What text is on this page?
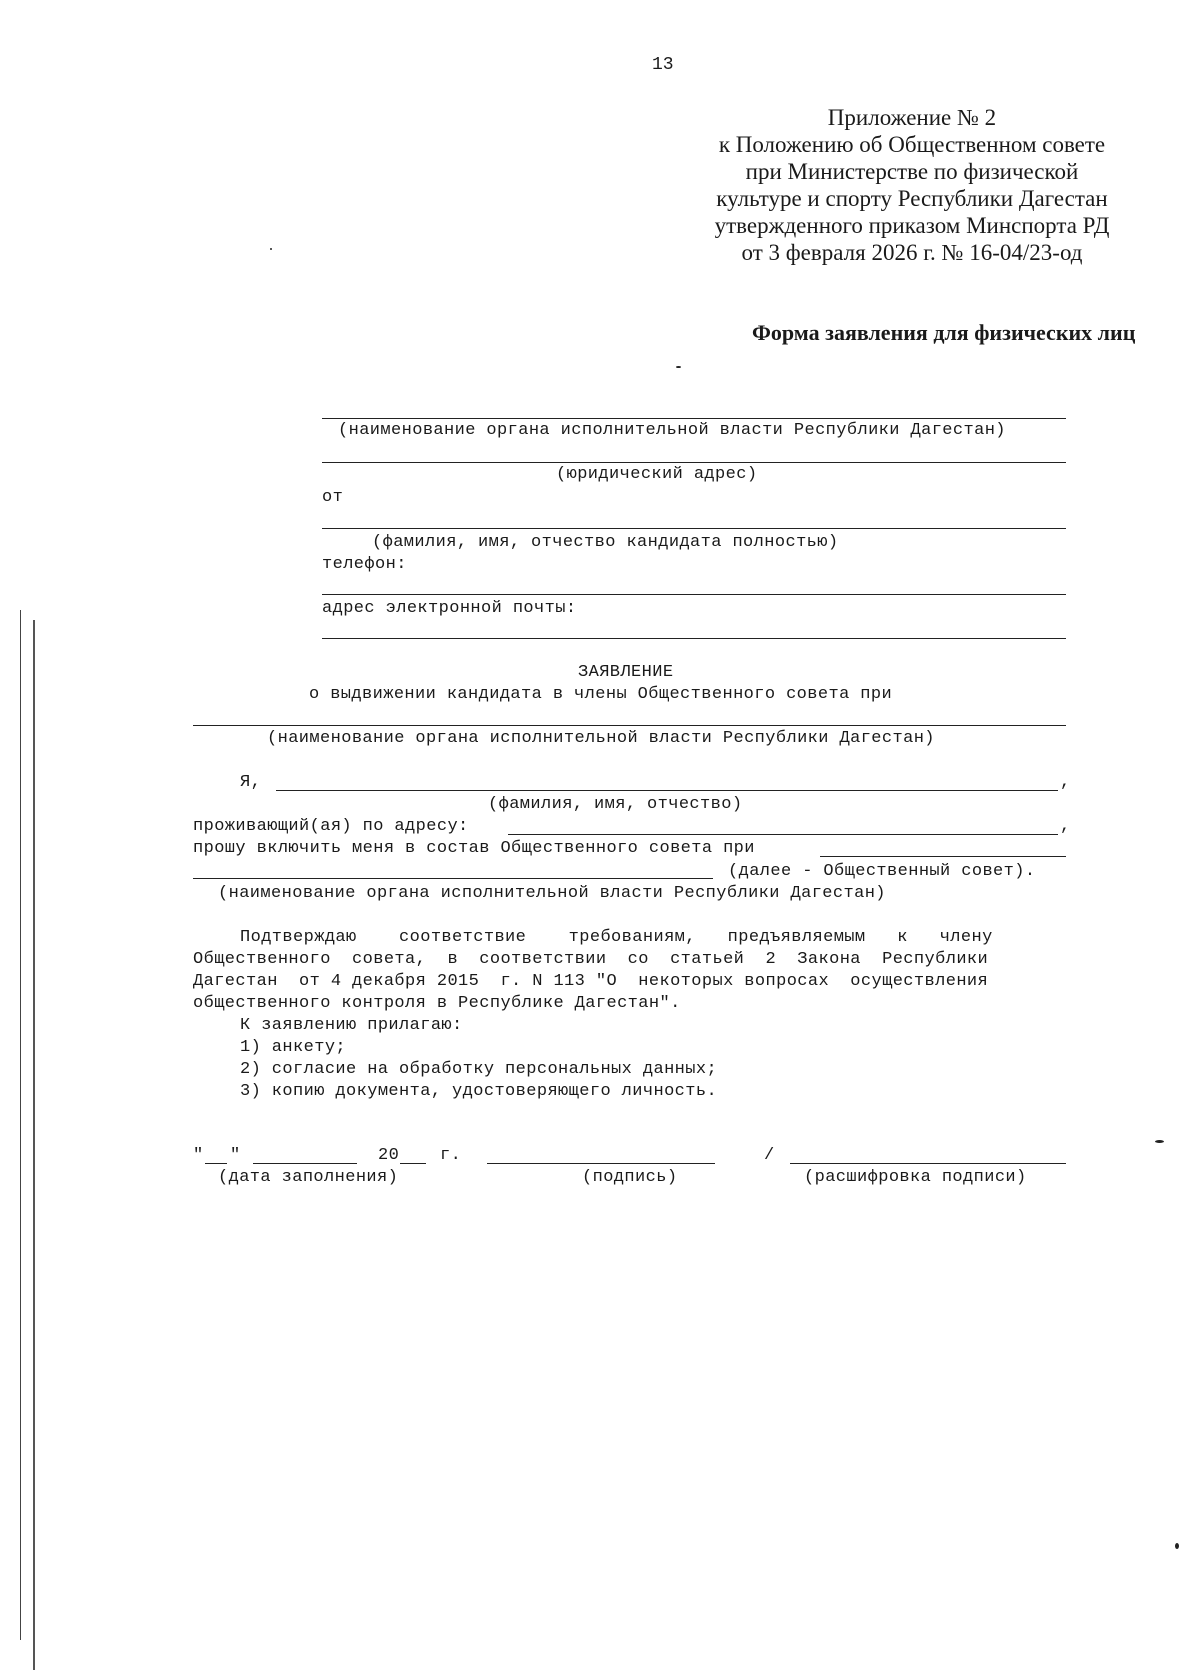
13
Приложение № 2
к Положению об Общественном совете
при Министерстве по физической
культуре и спорту Республики Дагестан
утвержденного приказом Минспорта РД
от 3 февраля 2026 г. № 16-04/23-од
Форма заявления для физических лиц
(наименование органа исполнительной власти Республики Дагестан)
(юридический адрес)
от
(фамилия, имя, отчество кандидата полностью)
телефон:
адрес электронной почты:
ЗАЯВЛЕНИЕ
о выдвижении кандидата в члены Общественного совета при
(наименование органа исполнительной власти Республики Дагестан)
Я,	,
(фамилия, имя, отчество)
проживающий(ая) по адресу:	,
прошу включить меня в состав Общественного совета при
(далее - Общественный совет).
(наименование органа исполнительной власти Республики Дагестан)
Подтверждаю    соответствие    требованиям,   предъявляемым   к   члену
Общественного  совета,  в  соответствии  со  статьей  2  Закона  Республики
Дагестан  от 4 декабря 2015  г. N 113 "О  некоторых вопросах  осуществления
общественного контроля в Республике Дагестан".
К заявлению прилагаю:
1) анкету;
2) согласие на обработку персональных данных;
3) копию документа, удостоверяющего личность.
" "	20 г.	/
(дата заполнения)	(подпись)	(расшифровка подписи)
